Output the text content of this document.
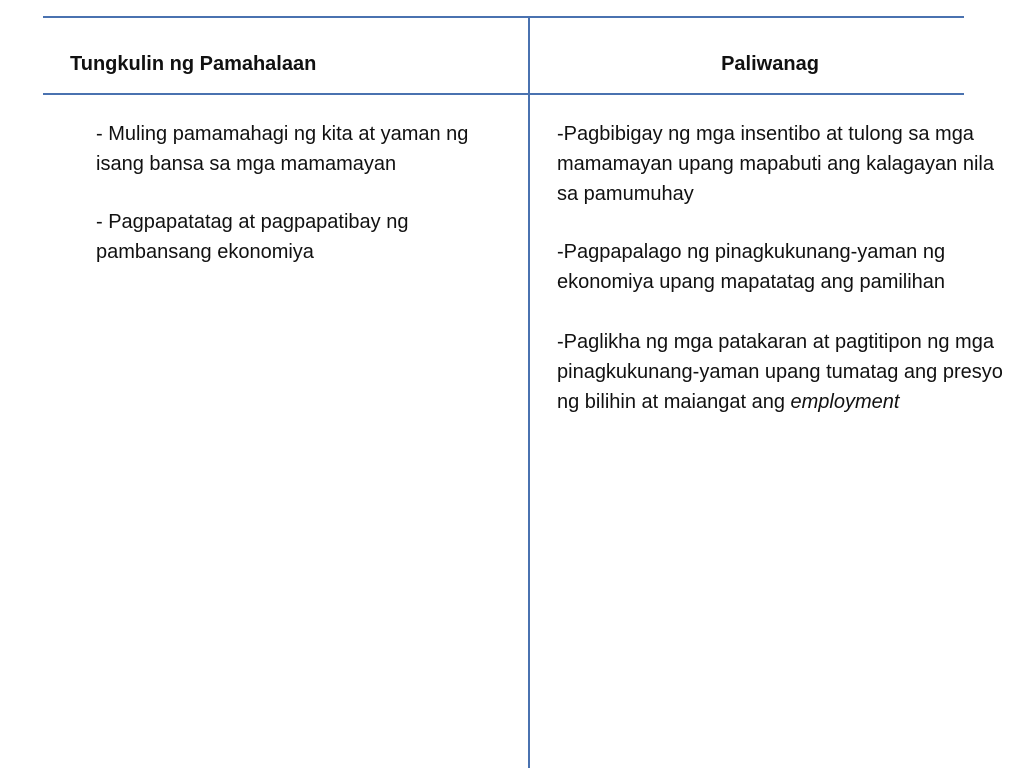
Tungkulin ng Pamahalaan	Paliwanag

- Muling pamamahagi ng kita at yaman ng isang bansa sa mga mamamayan

- Pagpapatatag at pagpapatibay ng pambansang ekonomiya

-Pagbibigay ng mga insentibo at tulong sa mga mamamayan upang mapabuti ang kalagayan nila sa pamumuhay

-Pagpapalago ng pinagkukunang-yaman ng ekonomiya upang mapatatag ang pamilihan

-Paglikha ng mga patakaran at pagtitipon ng mga pinagkukunang-yaman upang tumatag ang presyo ng bilihin at maiangat ang employment
